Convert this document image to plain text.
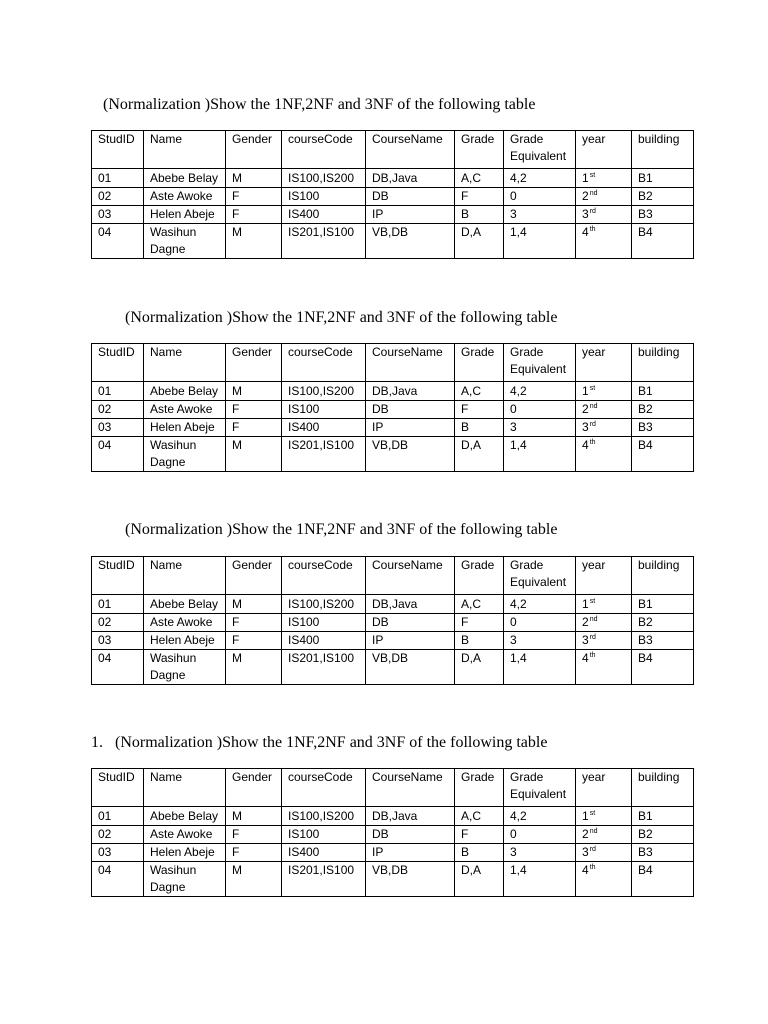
(Normalization )Show the 1NF,2NF and 3NF of the following table
StudID	Name	Gender	courseCode	CourseName	Grade	Grade Equivalent	year	building
01	Abebe Belay	M	IS100,IS200	DB,Java	A,C	4,2	1st	B1
02	Aste Awoke	F	IS100	DB	F	0	2nd	B2
03	Helen Abeje	F	IS400	IP	B	3	3rd	B3
04	Wasihun Dagne	M	IS201,IS100	VB,DB	D,A	1,4	4th	B4
(Normalization )Show the 1NF,2NF and 3NF of the following table
StudID	Name	Gender	courseCode	CourseName	Grade	Grade Equivalent	year	building
01	Abebe Belay	M	IS100,IS200	DB,Java	A,C	4,2	1st	B1
02	Aste Awoke	F	IS100	DB	F	0	2nd	B2
03	Helen Abeje	F	IS400	IP	B	3	3rd	B3
04	Wasihun Dagne	M	IS201,IS100	VB,DB	D,A	1,4	4th	B4
(Normalization )Show the 1NF,2NF and 3NF of the following table
StudID	Name	Gender	courseCode	CourseName	Grade	Grade Equivalent	year	building
01	Abebe Belay	M	IS100,IS200	DB,Java	A,C	4,2	1st	B1
02	Aste Awoke	F	IS100	DB	F	0	2nd	B2
03	Helen Abeje	F	IS400	IP	B	3	3rd	B3
04	Wasihun Dagne	M	IS201,IS100	VB,DB	D,A	1,4	4th	B4
1. (Normalization )Show the 1NF,2NF and 3NF of the following table
StudID	Name	Gender	courseCode	CourseName	Grade	Grade Equivalent	year	building
01	Abebe Belay	M	IS100,IS200	DB,Java	A,C	4,2	1st	B1
02	Aste Awoke	F	IS100	DB	F	0	2nd	B2
03	Helen Abeje	F	IS400	IP	B	3	3rd	B3
04	Wasihun Dagne	M	IS201,IS100	VB,DB	D,A	1,4	4th	B4
